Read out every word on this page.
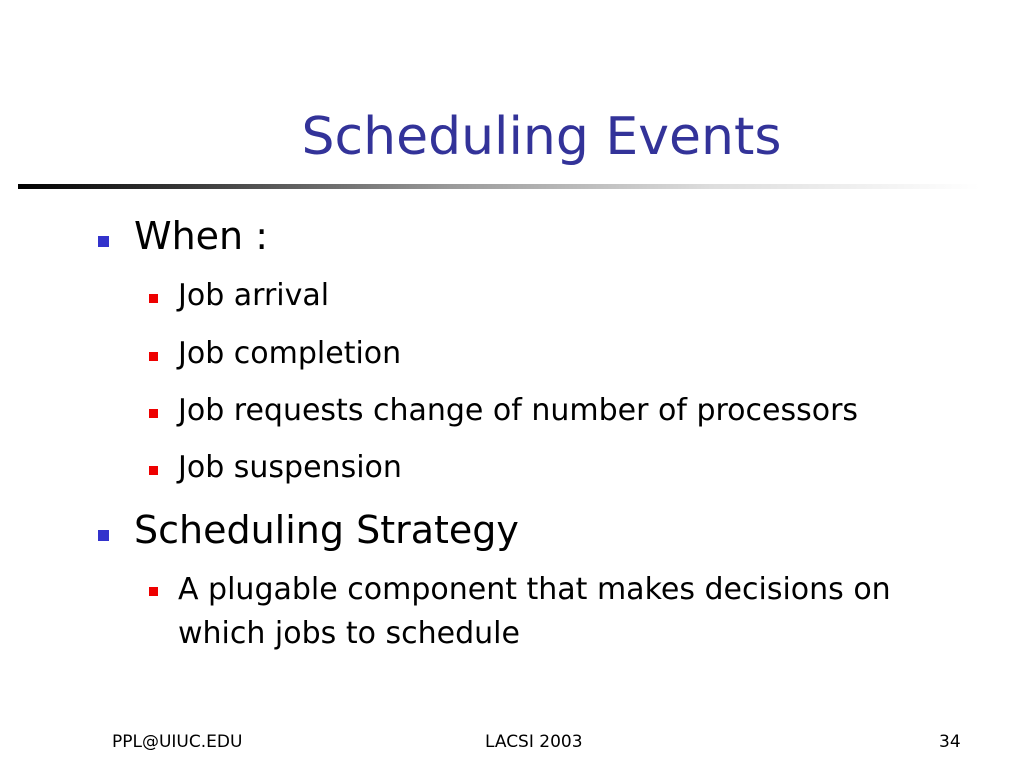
Scheduling Events
When :
Job arrival
Job completion
Job requests change of number of processors
Job suspension
Scheduling Strategy
A plugable component that makes decisions on which jobs to schedule
PPL@UIUC.EDU	LACSI 2003	34
